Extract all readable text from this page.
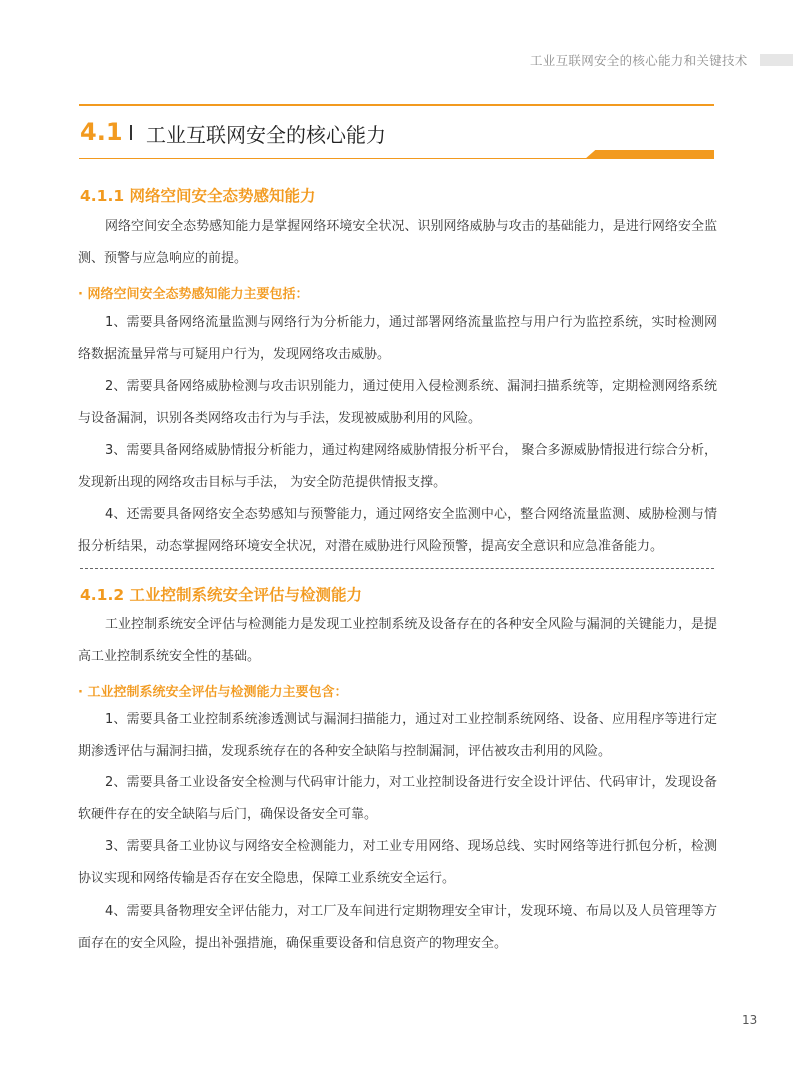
工业互联网安全的核心能力和关键技术
4.1 工业互联网安全的核心能力
4.1.1 网络空间安全态势感知能力

网络空间安全态势感知能力是掌握网络环境安全状况、识别网络威胁与攻击的基础能力，是进行网络安全监测、预警与应急响应的前提。

· 网络空间安全态势感知能力主要包括：

1、需要具备网络流量监测与网络行为分析能力，通过部署网络流量监控与用户行为监控系统，实时检测网络数据流量异常与可疑用户行为，发现网络攻击威胁。

2、需要具备网络威胁检测与攻击识别能力，通过使用入侵检测系统、漏洞扫描系统等，定期检测网络系统与设备漏洞，识别各类网络攻击行为与手法，发现被威胁利用的风险。

3、需要具备网络威胁情报分析能力，通过构建网络威胁情报分析平台， 聚合多源威胁情报进行综合分析，发现新出现的网络攻击目标与手法， 为安全防范提供情报支撑。

4、还需要具备网络安全态势感知与预警能力，通过网络安全监测中心，整合网络流量监测、威胁检测与情报分析结果，动态掌握网络环境安全状况，对潜在威胁进行风险预警，提高安全意识和应急准备能力。

4.1.2 工业控制系统安全评估与检测能力

工业控制系统安全评估与检测能力是发现工业控制系统及设备存在的各种安全风险与漏洞的关键能力，是提高工业控制系统安全性的基础。

· 工业控制系统安全评估与检测能力主要包含：

1、需要具备工业控制系统渗透测试与漏洞扫描能力，通过对工业控制系统网络、设备、应用程序等进行定期渗透评估与漏洞扫描，发现系统存在的各种安全缺陷与控制漏洞，评估被攻击利用的风险。

2、需要具备工业设备安全检测与代码审计能力，对工业控制设备进行安全设计评估、代码审计，发现设备软硬件存在的安全缺陷与后门，确保设备安全可靠。

3、需要具备工业协议与网络安全检测能力，对工业专用网络、现场总线、实时网络等进行抓包分析，检测协议实现和网络传输是否存在安全隐患，保障工业系统安全运行。

4、需要具备物理安全评估能力，对工厂及车间进行定期物理安全审计，发现环境、布局以及人员管理等方面存在的安全风险，提出补强措施，确保重要设备和信息资产的物理安全。

13
